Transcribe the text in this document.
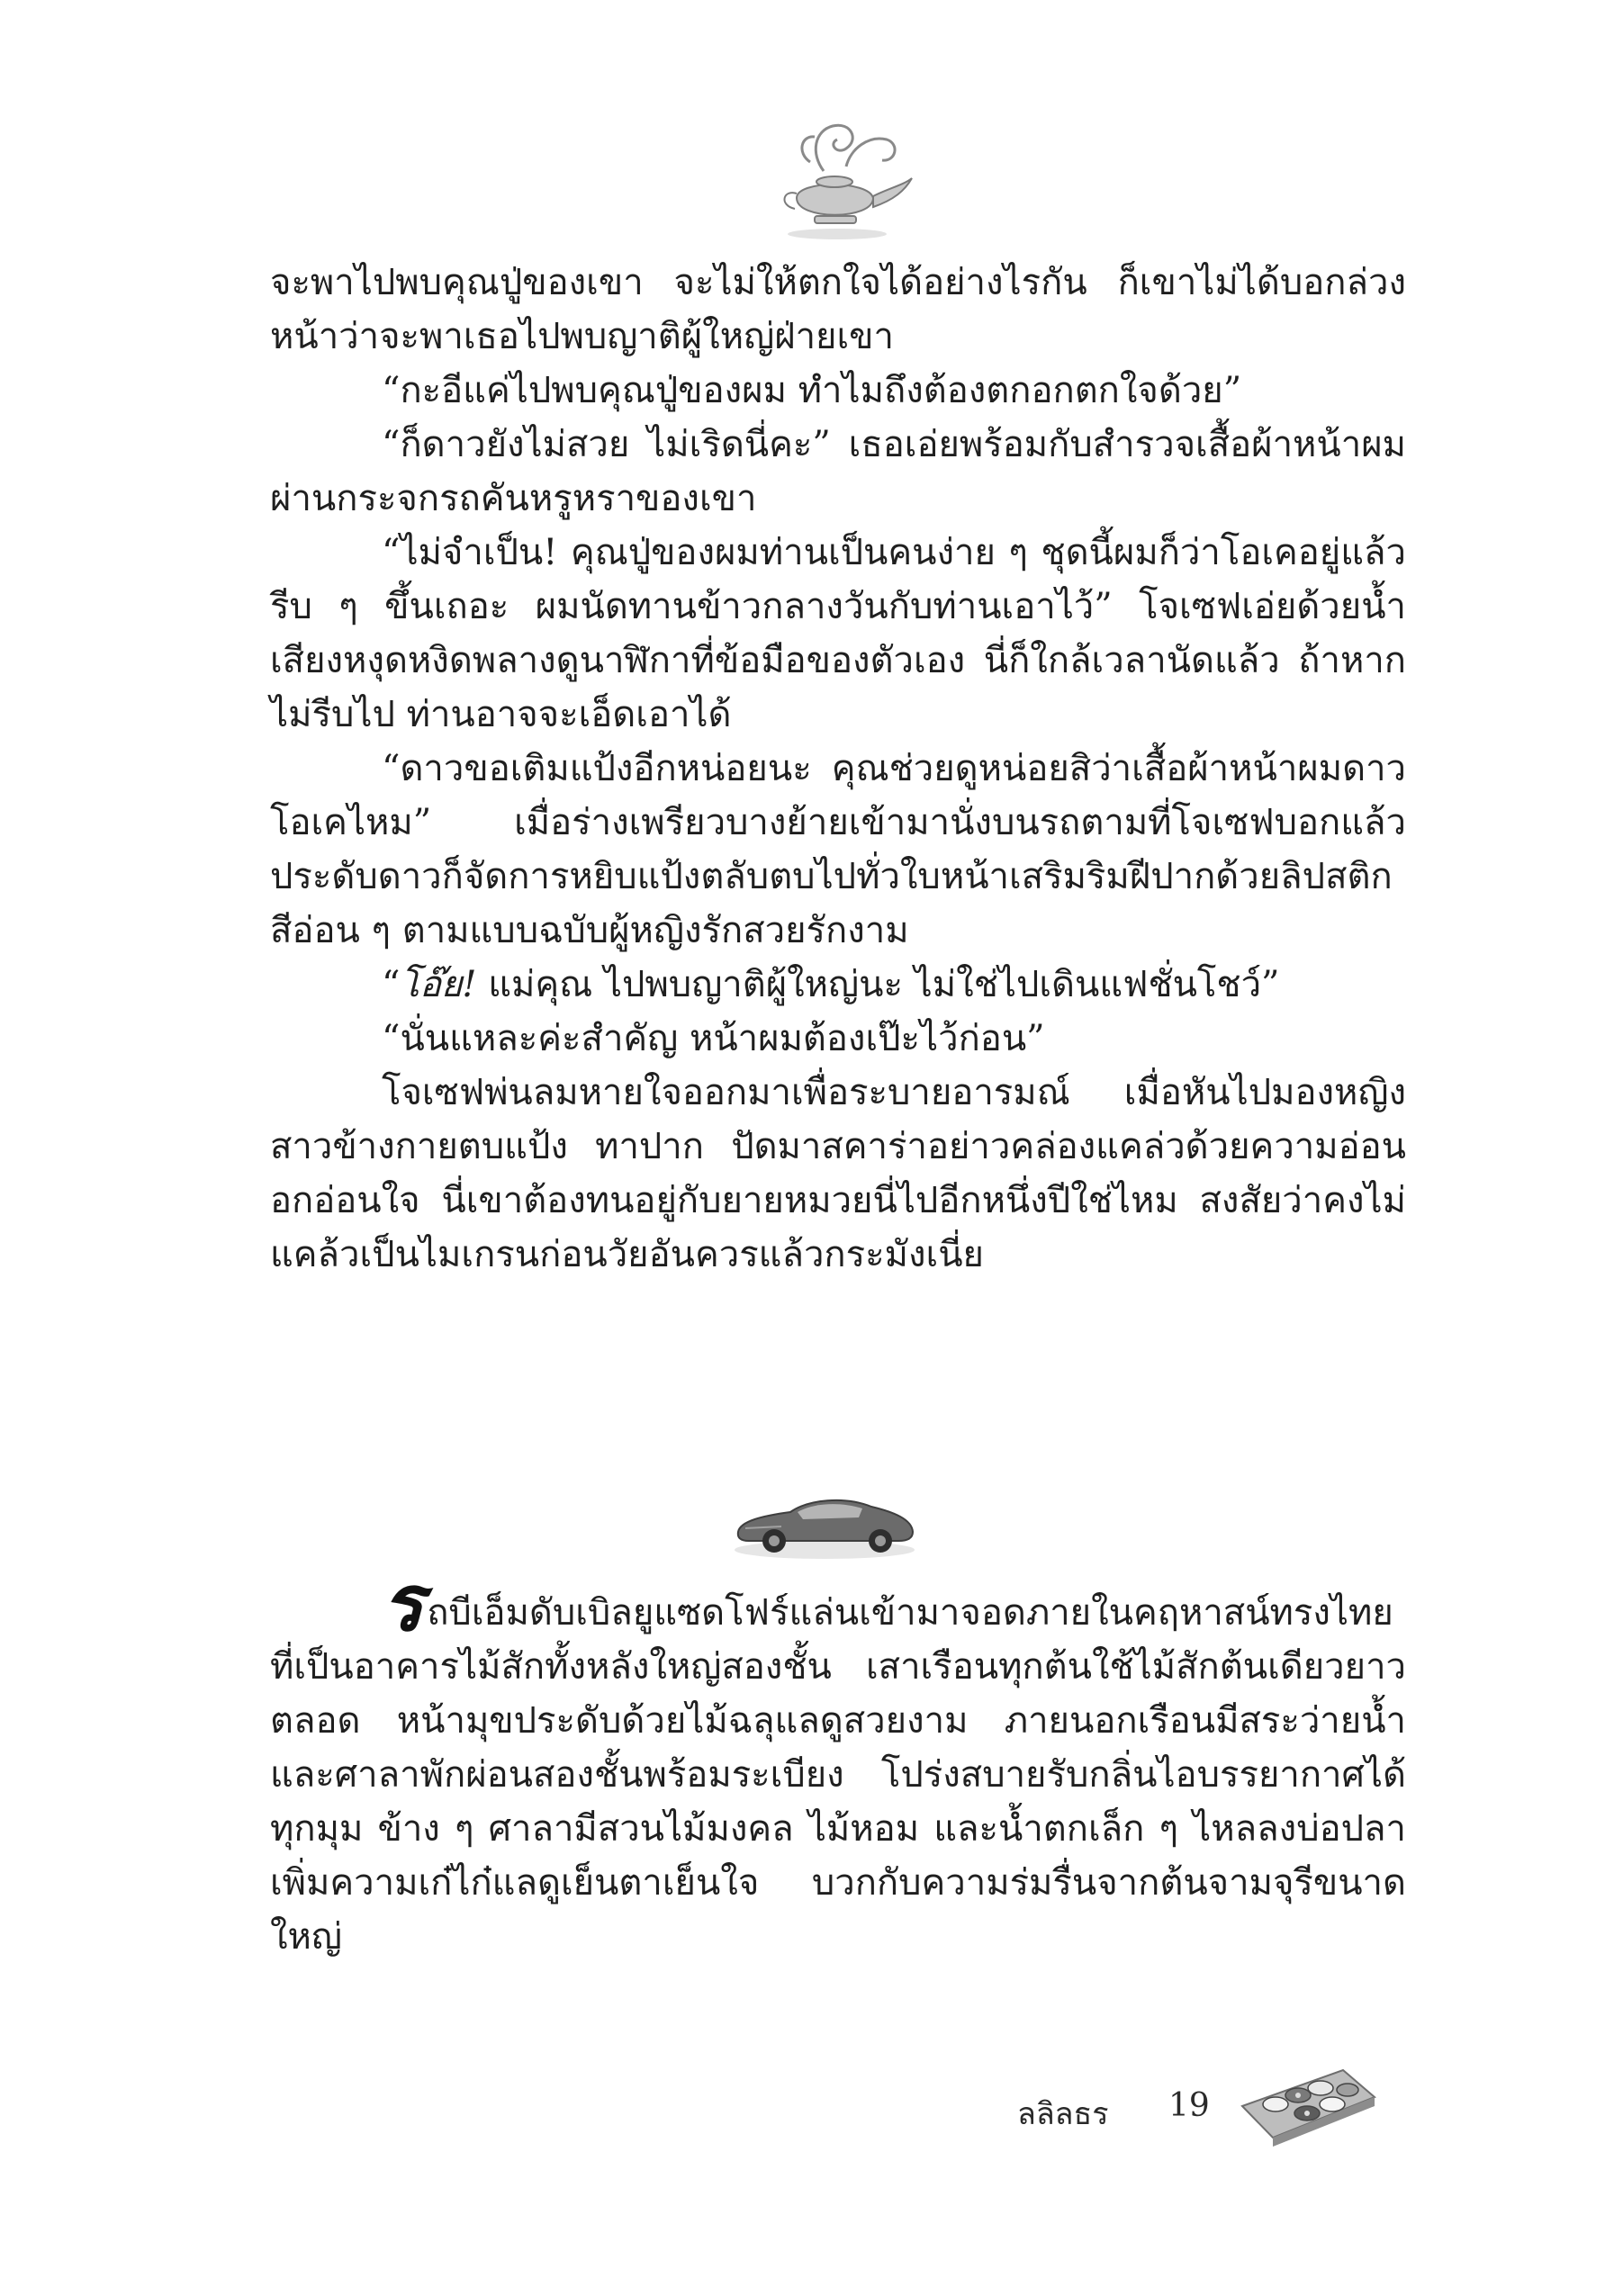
จะพาไปพบคุณปู่ของเขา จะไม่ให้ตกใจได้อย่างไรกัน ก็เขาไม่ได้บอกล่วงหน้าว่าจะพาเธอไปพบญาติผู้ใหญ่ฝ่ายเขา

“กะอีแค่ไปพบคุณปู่ของผม ทำไมถึงต้องตกอกตกใจด้วย”

“ก็ดาวยังไม่สวย ไม่เริดนี่คะ” เธอเอ่ยพร้อมกับสำรวจเสื้อผ้าหน้าผมผ่านกระจกรถคันหรูหราของเขา

“ไม่จำเป็น! คุณปู่ของผมท่านเป็นคนง่าย ๆ ชุดนี้ผมก็ว่าโอเคอยู่แล้ว รีบ ๆ ขึ้นเถอะ ผมนัดทานข้าวกลางวันกับท่านเอาไว้” โจเซฟเอ่ยด้วยน้ำเสียงหงุดหงิดพลางดูนาฬิกาที่ข้อมือของตัวเอง นี่ก็ใกล้เวลานัดแล้ว ถ้าหากไม่รีบไป ท่านอาจจะเอ็ดเอาได้

“ดาวขอเติมแป้งอีกหน่อยนะ คุณช่วยดูหน่อยสิว่าเสื้อผ้าหน้าผมดาวโอเคไหม” เมื่อร่างเพรียวบางย้ายเข้ามานั่งบนรถตามที่โจเซฟบอกแล้ว ประดับดาวก็จัดการหยิบแป้งตลับตบไปทั่วใบหน้าเสริมริมฝีปากด้วยลิปสติกสีอ่อน ๆ ตามแบบฉบับผู้หญิงรักสวยรักงาม

“โอ๊ย! แม่คุณ ไปพบญาติผู้ใหญ่นะ ไม่ใช่ไปเดินแฟชั่นโชว์”

“นั่นแหละค่ะสำคัญ หน้าผมต้องเป๊ะไว้ก่อน”

โจเซฟพ่นลมหายใจออกมาเพื่อระบายอารมณ์ เมื่อหันไปมองหญิงสาวข้างกายตบแป้ง ทาปาก ปัดมาสคาร่าอย่าวคล่องแคล่วด้วยความอ่อนอกอ่อนใจ นี่เขาต้องทนอยู่กับยายหมวยนี่ไปอีกหนึ่งปีใช่ไหม สงสัยว่าคงไม่แคล้วเป็นไมเกรนก่อนวัยอันควรแล้วกระมังเนี่ย

รถบีเอ็มดับเบิลยูแซดโฟร์แล่นเข้ามาจอดภายในคฤหาสน์ทรงไทยที่เป็นอาคารไม้สักทั้งหลังใหญ่สองชั้น เสาเรือนทุกต้นใช้ไม้สักต้นเดียวยาวตลอด หน้ามุขประดับด้วยไม้ฉลุแลดูสวยงาม ภายนอกเรือนมีสระว่ายน้ำและศาลาพักผ่อนสองชั้นพร้อมระเบียง โปร่งสบายรับกลิ่นไอบรรยากาศได้ทุกมุม ข้าง ๆ ศาลามีสวนไม้มงคล ไม้หอม และน้ำตกเล็ก ๆ ไหลลงบ่อปลาเพิ่มความเก๋ไก๋แลดูเย็นตาเย็นใจ บวกกับความร่มรื่นจากต้นจามจุรีขนาดใหญ่

ลลิลธร 19
